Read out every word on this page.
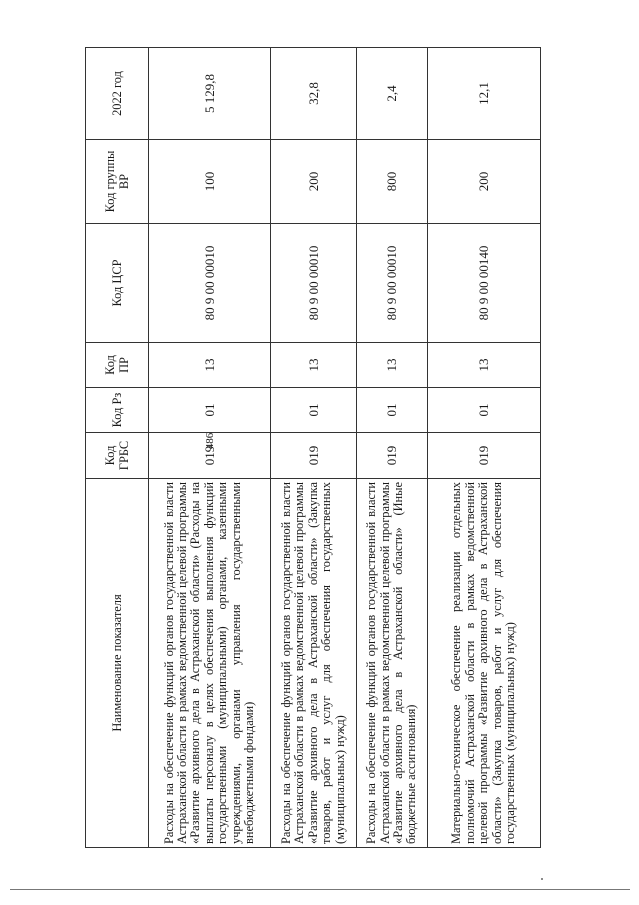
486
Наименование показателя	Код ГРБС	Код Рз	Код ПР	Код ЦСР	Код группы ВР	2022 год
Расходы на обеспечение функций органов государственной власти Астраханской области в рамках ведомственной целевой программы «Развитие архивного дела в Астраханской области» (Расходы на выплаты персоналу в целях обеспечения выполнения функций государственными (муниципальными) органами, казенными учреждениями, органами управления государственными внебюджетными фондами)	019	01	13	80 9 00 00010	100	5 129,8
Расходы на обеспечение функций органов государственной власти Астраханской области в рамках ведомственной целевой программы «Развитие архивного дела в Астраханской области» (Закупка товаров, работ и услуг для обеспечения государственных (муниципальных) нужд)	019	01	13	80 9 00 00010	200	32,8
Расходы на обеспечение функций органов государственной власти Астраханской области в рамках ведомственной целевой программы «Развитие архивного дела в Астраханской области» (Иные бюджетные ассигнования)	019	01	13	80 9 00 00010	800	2,4
Материально-техническое обеспечение реализации отдельных полномочий Астраханской области в рамках ведомственной целевой программы «Развитие архивного дела в Астраханской области» (Закупка товаров, работ и услуг для обеспечения государственных (муниципальных) нужд)	019	01	13	80 9 00 00140	200	12,1
